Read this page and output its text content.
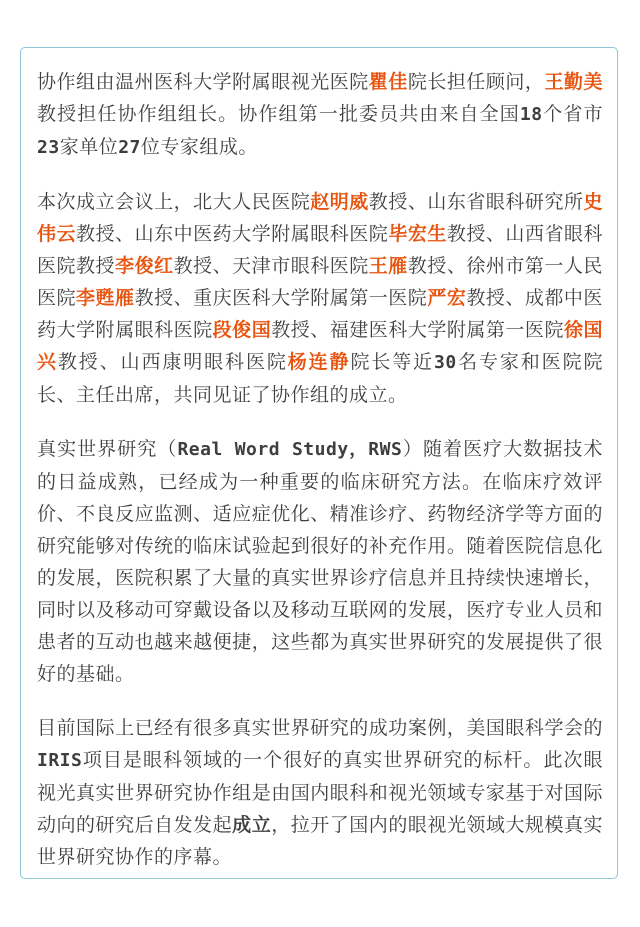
协作组由温州医科大学附属眼视光医院瞿佳院长担任顾问，王勤美教授担任协作组组长。协作组第一批委员共由来自全国18个省市23家单位27位专家组成。

本次成立会议上，北大人民医院赵明威教授、山东省眼科研究所史伟云教授、山东中医药大学附属眼科医院毕宏生教授、山西省眼科医院教授李俊红教授、天津市眼科医院王雁教授、徐州市第一人民医院李甦雁教授、重庆医科大学附属第一医院严宏教授、成都中医药大学附属眼科医院段俊国教授、福建医科大学附属第一医院徐国兴教授、山西康明眼科医院杨连静院长等近30名专家和医院院长、主任出席，共同见证了协作组的成立。

真实世界研究（Real Word Study，RWS）随着医疗大数据技术的日益成熟，已经成为一种重要的临床研究方法。在临床疗效评价、不良反应监测、适应症优化、精准诊疗、药物经济学等方面的研究能够对传统的临床试验起到很好的补充作用。随着医院信息化的发展，医院积累了大量的真实世界诊疗信息并且持续快速增长，同时以及移动可穿戴设备以及移动互联网的发展，医疗专业人员和患者的互动也越来越便捷，这些都为真实世界研究的发展提供了很好的基础。

目前国际上已经有很多真实世界研究的成功案例，美国眼科学会的IRIS项目是眼科领域的一个很好的真实世界研究的标杆。此次眼视光真实世界研究协作组是由国内眼科和视光领域专家基于对国际动向的研究后自发发起成立，拉开了国内的眼视光领域大规模真实世界研究协作的序幕。
